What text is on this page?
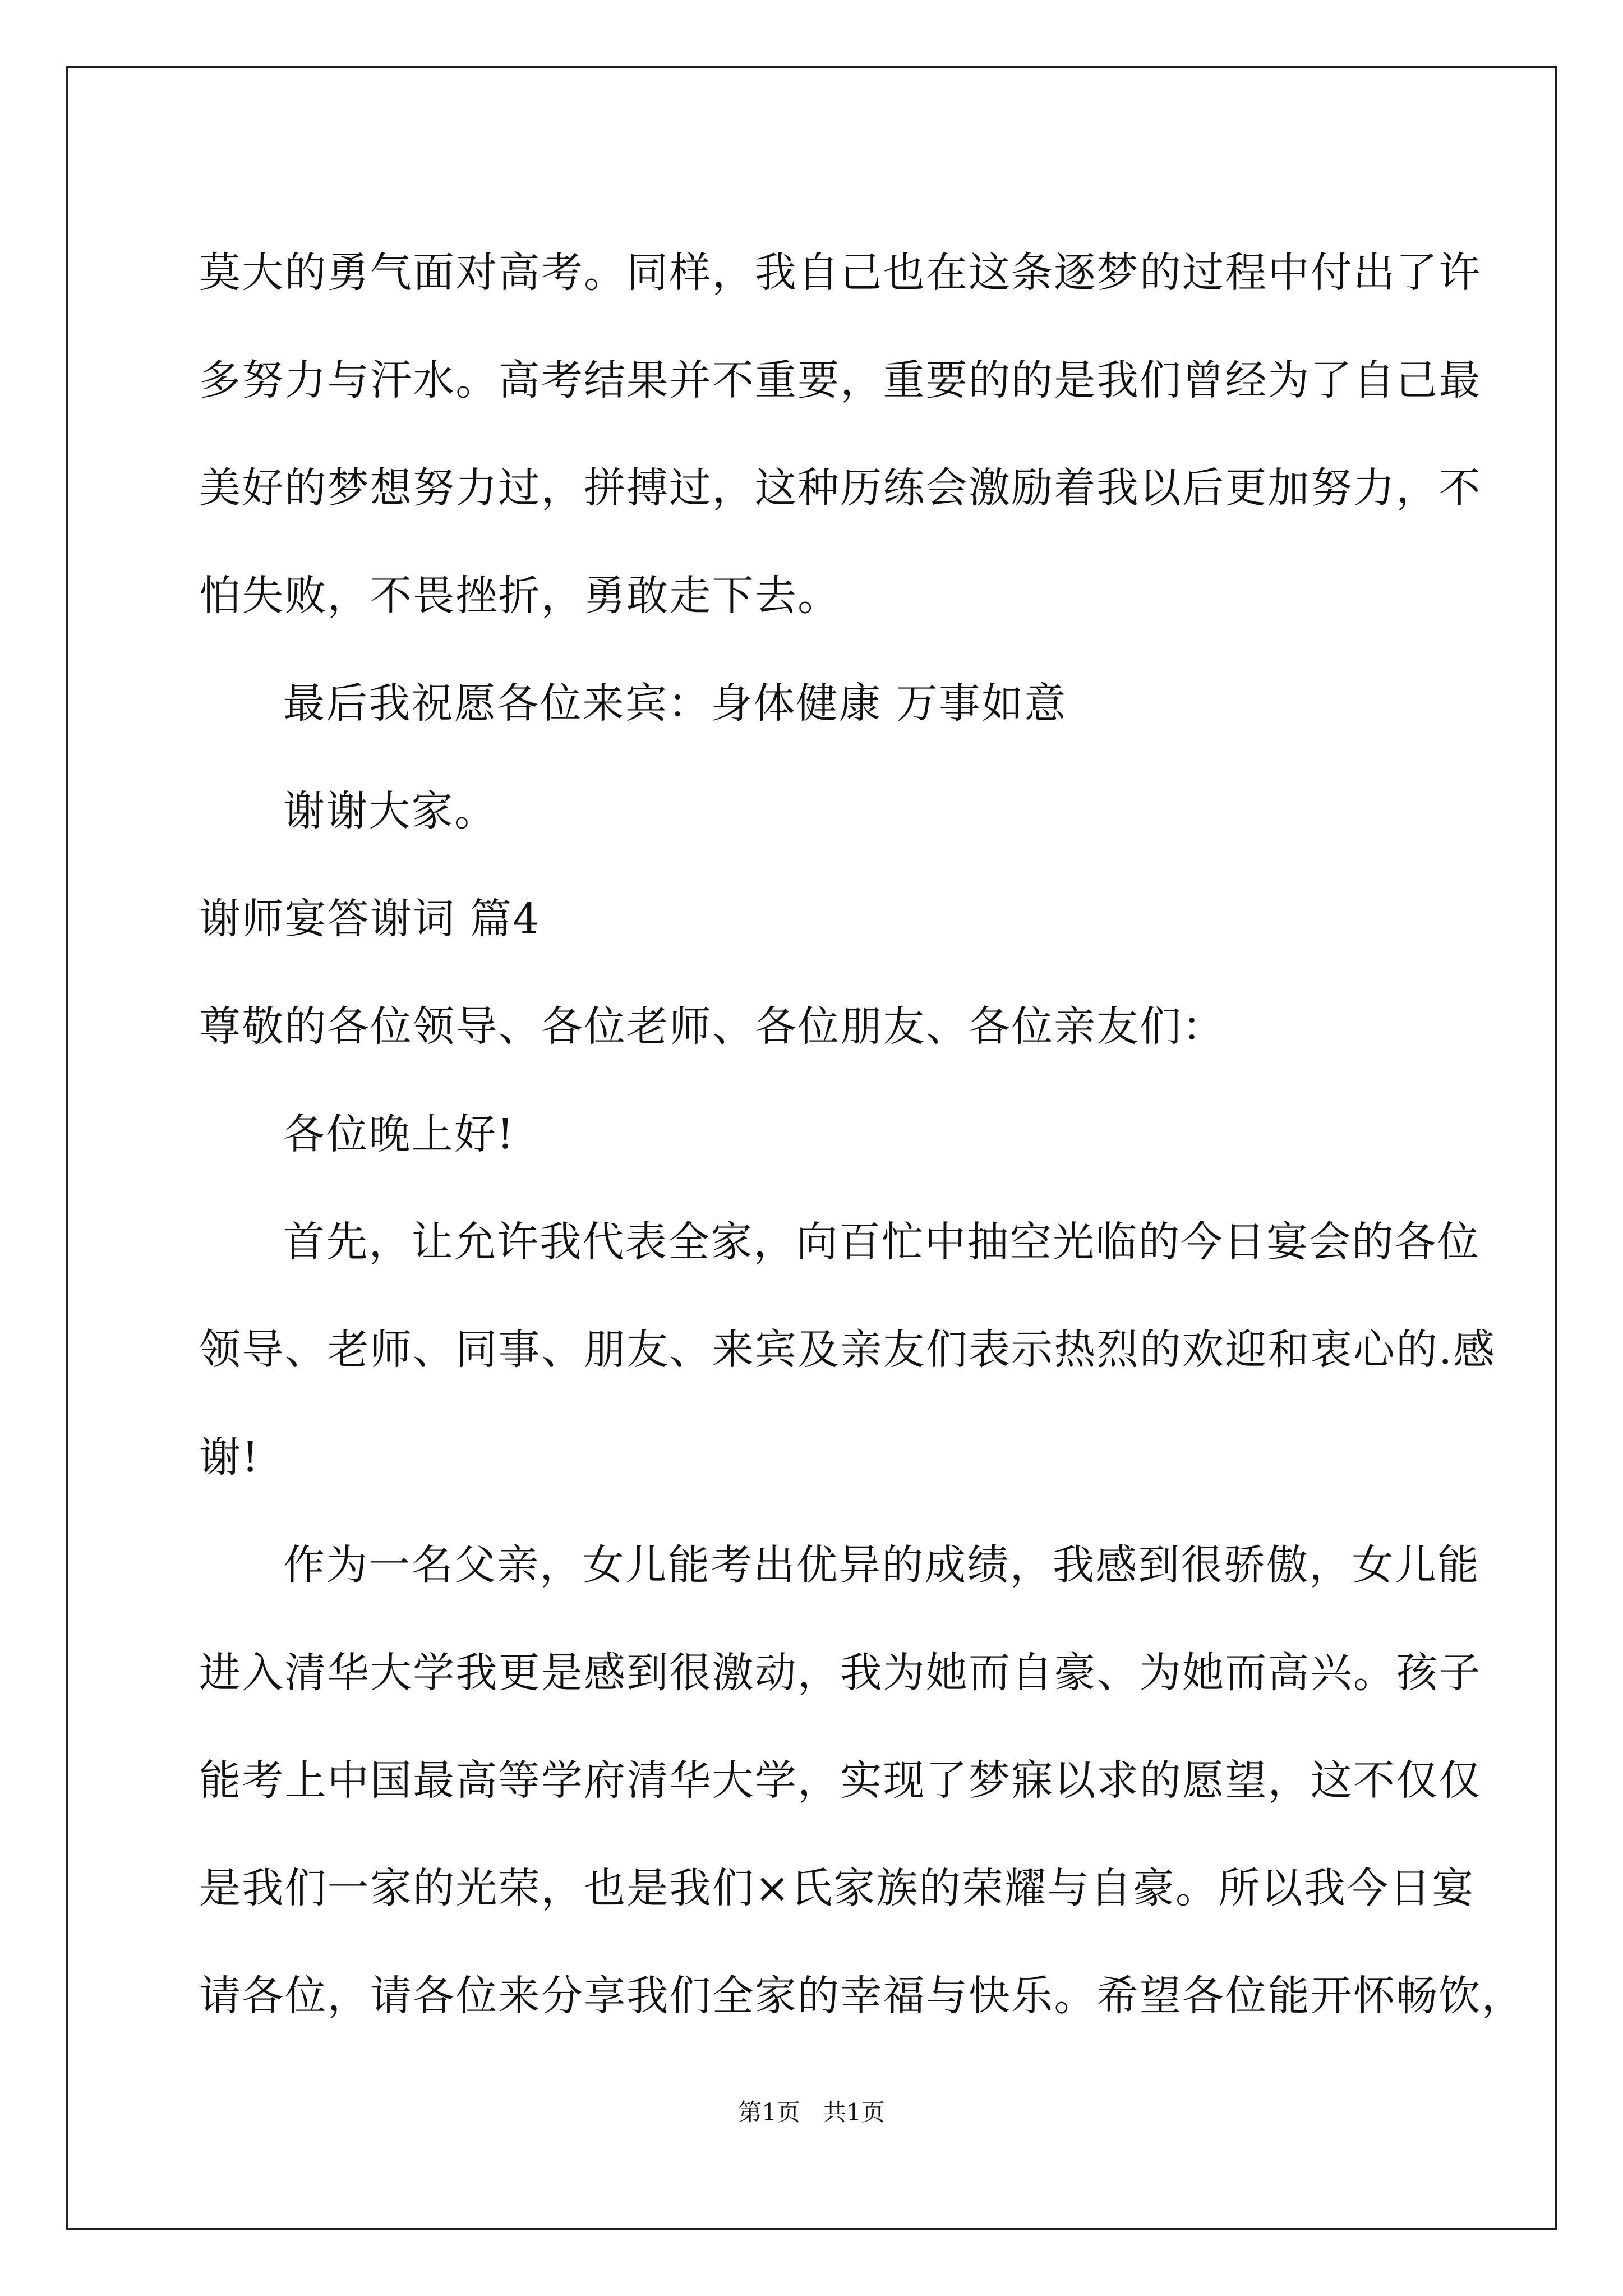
莫大的勇气面对高考。同样，我自己也在这条逐梦的过程中付出了许
多努力与汗水。高考结果并不重要，重要的的是我们曾经为了自己最
美好的梦想努力过，拼搏过，这种历练会激励着我以后更加努力，不
怕失败，不畏挫折，勇敢走下去。
最后我祝愿各位来宾：身体健康 万事如意
谢谢大家。
谢师宴答谢词 篇4
尊敬的各位领导、各位老师、各位朋友、各位亲友们：
各位晚上好!
首先，让允许我代表全家，向百忙中抽空光临的今日宴会的各位
领导、老师、同事、朋友、来宾及亲友们表示热烈的欢迎和衷心的.感
谢!
作为一名父亲，女儿能考出优异的成绩，我感到很骄傲，女儿能
进入清华大学我更是感到很激动，我为她而自豪、为她而高兴。孩子
能考上中国最高等学府清华大学，实现了梦寐以求的愿望，这不仅仅
是我们一家的光荣，也是我们×氏家族的荣耀与自豪。所以我今日宴
请各位，请各位来分享我们全家的幸福与快乐。希望各位能开怀畅饮，
第1页 共1页
